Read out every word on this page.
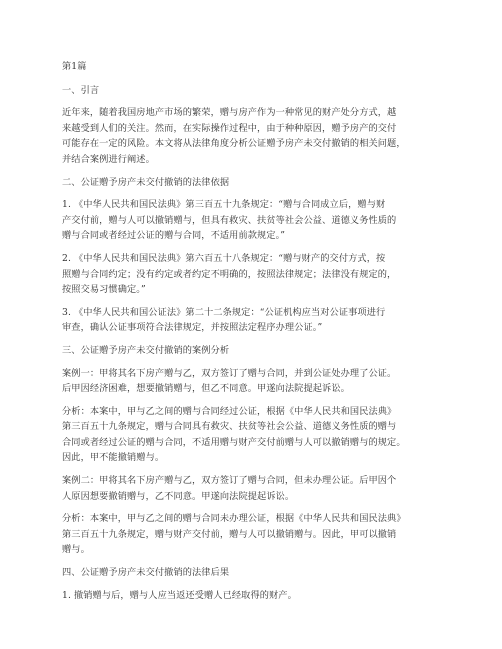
第1篇
一、引言
近年来，随着我国房地产市场的繁荣，赠与房产作为一种常见的财产处分方式，越
来越受到人们的关注。然而，在实际操作过程中，由于种种原因，赠予房产的交付
可能存在一定的风险。本文将从法律角度分析公证赠予房产未交付撤销的相关问题，
并结合案例进行阐述。
二、公证赠予房产未交付撤销的法律依据
1. 《中华人民共和国民法典》第三百五十九条规定：“赠与合同成立后，赠与财
产交付前，赠与人可以撤销赠与，但具有救灾、扶贫等社会公益、道德义务性质的
赠与合同或者经过公证的赠与合同，不适用前款规定。”
2. 《中华人民共和国民法典》第六百五十八条规定：“赠与财产的交付方式，按
照赠与合同约定；没有约定或者约定不明确的，按照法律规定；法律没有规定的，
按照交易习惯确定。”
3. 《中华人民共和国公证法》第二十二条规定：“公证机构应当对公证事项进行
审查，确认公证事项符合法律规定，并按照法定程序办理公证。”
三、公证赠予房产未交付撤销的案例分析
案例一：甲将其名下房产赠与乙，双方签订了赠与合同，并到公证处办理了公证。
后甲因经济困难，想要撤销赠与，但乙不同意。甲遂向法院提起诉讼。
分析：本案中，甲与乙之间的赠与合同经过公证，根据《中华人民共和国民法典》
第三百五十九条规定，赠与合同具有救灾、扶贫等社会公益、道德义务性质的赠与
合同或者经过公证的赠与合同，不适用赠与财产交付前赠与人可以撤销赠与的规定。
因此，甲不能撤销赠与。
案例二：甲将其名下房产赠与乙，双方签订了赠与合同，但未办理公证。后甲因个
人原因想要撤销赠与，乙不同意。甲遂向法院提起诉讼。
分析：本案中，甲与乙之间的赠与合同未办理公证，根据《中华人民共和国民法典》
第三百五十九条规定，赠与财产交付前，赠与人可以撤销赠与。因此，甲可以撤销
赠与。
四、公证赠予房产未交付撤销的法律后果
1. 撤销赠与后，赠与人应当返还受赠人已经取得的财产。
